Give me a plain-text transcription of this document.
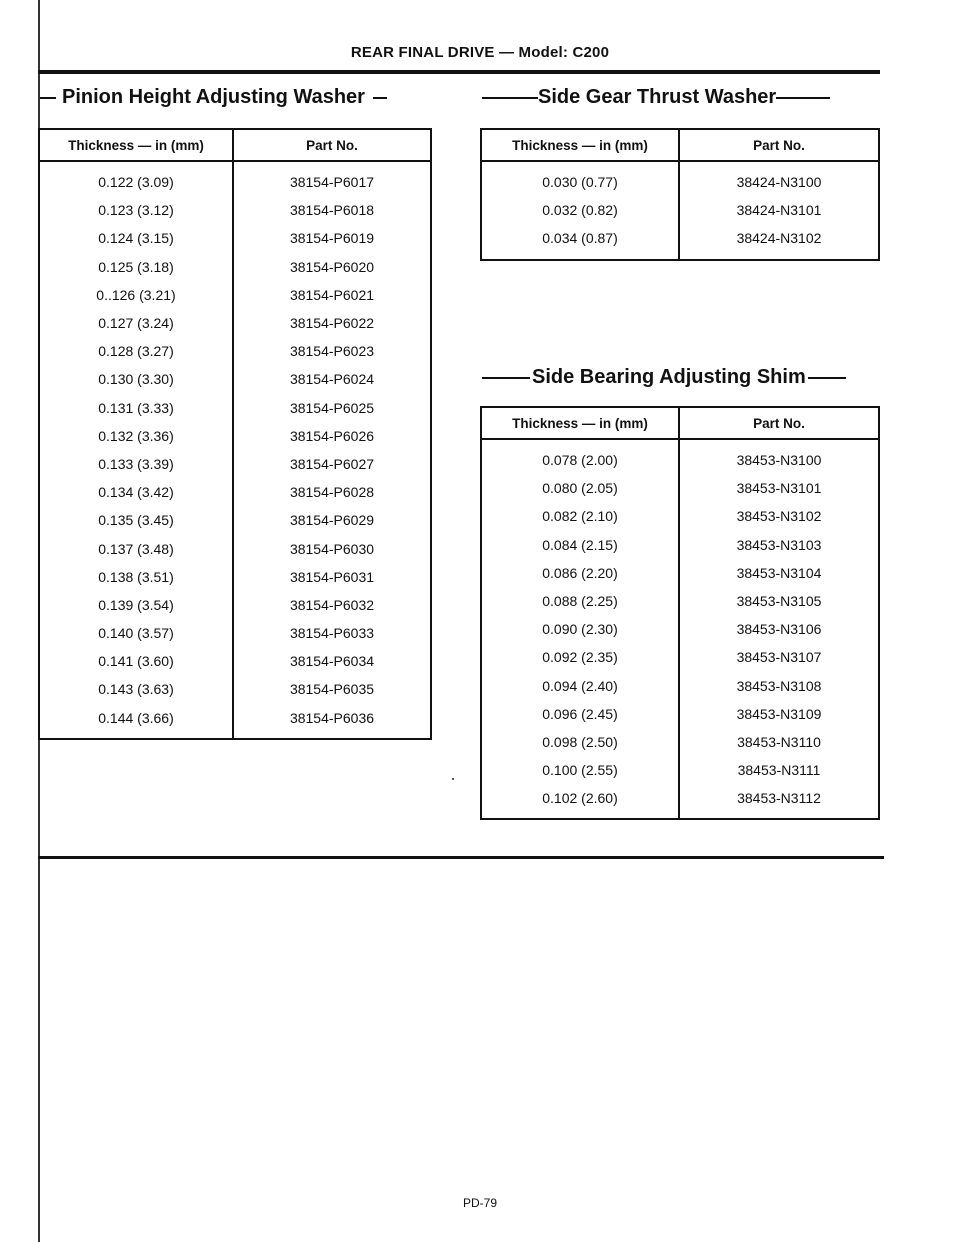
REAR FINAL DRIVE — Model: C200
Pinion Height Adjusting Washer
Thickness — in (mm)	Part No.
0.122 (3.09)	38154-P6017
0.123 (3.12)	38154-P6018
0.124 (3.15)	38154-P6019
0.125 (3.18)	38154-P6020
0..126 (3.21)	38154-P6021
0.127 (3.24)	38154-P6022
0.128 (3.27)	38154-P6023
0.130 (3.30)	38154-P6024
0.131 (3.33)	38154-P6025
0.132 (3.36)	38154-P6026
0.133 (3.39)	38154-P6027
0.134 (3.42)	38154-P6028
0.135 (3.45)	38154-P6029
0.137 (3.48)	38154-P6030
0.138 (3.51)	38154-P6031
0.139 (3.54)	38154-P6032
0.140 (3.57)	38154-P6033
0.141 (3.60)	38154-P6034
0.143 (3.63)	38154-P6035
0.144 (3.66)	38154-P6036
Side Gear Thrust Washer
Thickness — in (mm)	Part No.
0.030 (0.77)	38424-N3100
0.032 (0.82)	38424-N3101
0.034 (0.87)	38424-N3102
Side Bearing Adjusting Shim
Thickness — in (mm)	Part No.
0.078 (2.00)	38453-N3100
0.080 (2.05)	38453-N3101
0.082 (2.10)	38453-N3102
0.084 (2.15)	38453-N3103
0.086 (2.20)	38453-N3104
0.088 (2.25)	38453-N3105
0.090 (2.30)	38453-N3106
0.092 (2.35)	38453-N3107
0.094 (2.40)	38453-N3108
0.096 (2.45)	38453-N3109
0.098 (2.50)	38453-N3110
0.100 (2.55)	38453-N3111
0.102 (2.60)	38453-N3112
PD-79
